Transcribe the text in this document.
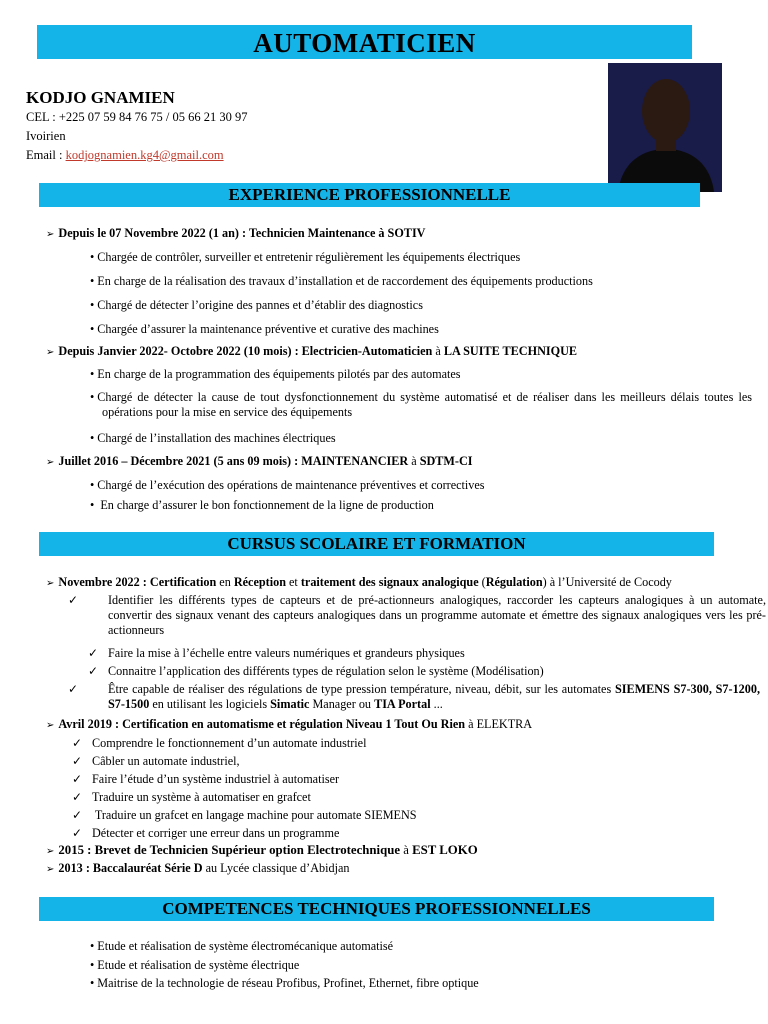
AUTOMATICIEN
KODJO GNAMIEN
CEL : +225 07 59 84 76 75 / 05 66 21 30 97
Ivoirien
Email : kodjognamien.kg4@gmail.com
EXPERIENCE PROFESSIONNELLE
➢ Depuis le 07 Novembre 2022 (1 an) : Technicien Maintenance à SOTIV
• Chargée de contrôler, surveiller et entretenir régulièrement les équipements électriques
• En charge de la réalisation des travaux d’installation et de raccordement des équipements productions
• Chargé de détecter l’origine des pannes et d’établir des diagnostics
• Chargée d’assurer la maintenance préventive et curative des machines
➢ Depuis Janvier 2022- Octobre 2022 (10 mois) : Electricien-Automaticien à LA SUITE TECHNIQUE
• En charge de la programmation des équipements pilotés par des automates
• Chargé de détecter la cause de tout dysfonctionnement du système automatisé et de réaliser dans les meilleurs délais toutes les opérations pour la mise en service des équipements
• Chargé de l’installation des machines électriques
➢ Juillet 2016 – Décembre 2021 (5 ans 09 mois) : MAINTENANCIER à SDTM-CI
• Chargé de l’exécution des opérations de maintenance préventives et correctives
• En charge d’assurer le bon fonctionnement de la ligne de production
CURSUS SCOLAIRE ET FORMATION
➢ Novembre 2022 : Certification en Réception et traitement des signaux analogique (Régulation) à l’Université de Cocody
✓ Identifier les différents types de capteurs et de pré-actionneurs analogiques, raccorder les capteurs analogiques à un automate, convertir des signaux venant des capteurs analogiques dans un programme automate et émettre des signaux analogiques vers les pré-actionneurs
✓ Faire la mise à l’échelle entre valeurs numériques et grandeurs physiques
✓ Connaitre l’application des différents types de régulation selon le système (Modélisation)
✓ Être capable de réaliser des régulations de type pression température, niveau, débit, sur les automates SIEMENS S7-300, S7-1200, S7-1500 en utilisant les logiciels Simatic Manager ou TIA Portal ...
➢ Avril 2019 : Certification en automatisme et régulation Niveau 1 Tout Ou Rien à ELEKTRA
✓ Comprendre le fonctionnement d’un automate industriel
✓ Câbler un automate industriel,
✓ Faire l’étude d’un système industriel à automatiser
✓ Traduire un système à automatiser en grafcet
✓ Traduire un grafcet en langage machine pour automate SIEMENS
✓ Détecter et corriger une erreur dans un programme
➢ 2015 : Brevet de Technicien Supérieur option Electrotechnique à EST LOKO
➢ 2013 : Baccalauréat Série D au Lycée classique d’Abidjan
COMPETENCES TECHNIQUES PROFESSIONNELLES
• Etude et réalisation de système électromécanique automatisé
• Etude et réalisation de système électrique
• Maitrise de la technologie de réseau Profibus, Profinet, Ethernet, fibre optique
